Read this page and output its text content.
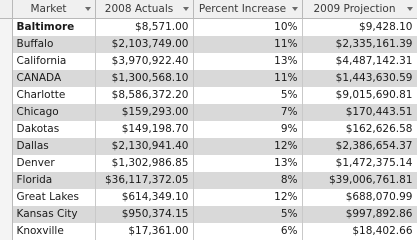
	Market	2008 Actuals	Percent Increase	2009 Projection

	Baltimore	$8,571.00	10%	$9,428.10
	Buffalo	$2,103,749.00	11%	$2,335,161.39
	California	$3,970,922.40	13%	$4,487,142.31
	CANADA	$1,300,568.10	11%	$1,443,630.59
	Charlotte	$8,586,372.20	5%	$9,015,690.81
	Chicago	$159,293.00	7%	$170,443.51
	Dakotas	$149,198.70	9%	$162,626.58
	Dallas	$2,130,941.40	12%	$2,386,654.37
	Denver	$1,302,986.85	13%	$1,472,375.14
	Florida	$36,117,372.05	8%	$39,006,761.81
	Great Lakes	$614,349.10	12%	$688,070.99
	Kansas City	$950,374.15	5%	$997,892.86
	Knoxville	$17,361.00	6%	$18,402.66
